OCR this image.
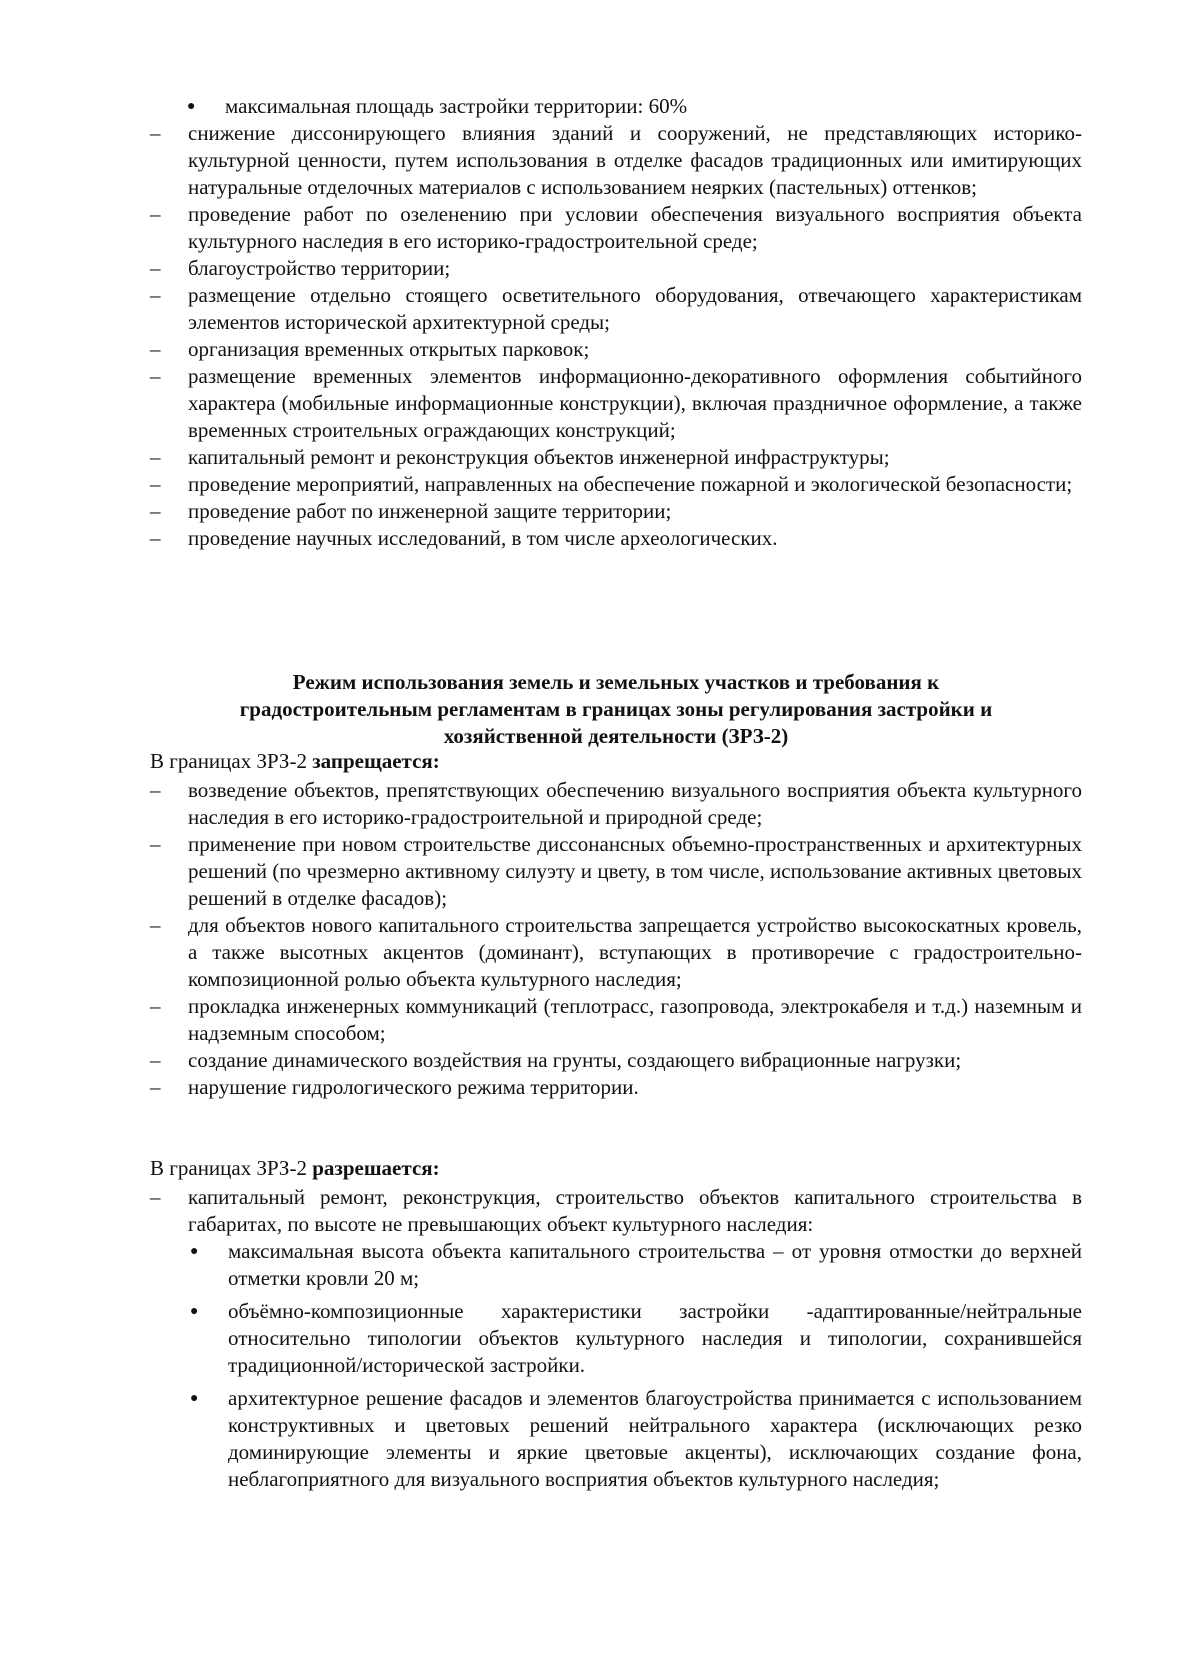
● максимальная площадь застройки территории: 60%
– снижение диссонирующего влияния зданий и сооружений, не представляющих историко-культурной ценности, путем использования в отделке фасадов традиционных или имитирующих натуральные отделочных материалов с использованием неярких (пастельных) оттенков;
– проведение работ по озеленению при условии обеспечения визуального восприятия объекта культурного наследия в его историко-градостроительной среде;
– благоустройство территории;
– размещение отдельно стоящего осветительного оборудования, отвечающего характеристикам элементов исторической архитектурной среды;
– организация временных открытых парковок;
– размещение временных элементов информационно-декоративного оформления событийного характера (мобильные информационные конструкции), включая праздничное оформление, а также временных строительных ограждающих конструкций;
– капитальный ремонт и реконструкция объектов инженерной инфраструктуры;
– проведение мероприятий, направленных на обеспечение пожарной и экологической безопасности;
– проведение работ по инженерной защите территории;
– проведение научных исследований, в том числе археологических.
Режим использования земель и земельных участков и требования к
градостроительным регламентам в границах зоны регулирования застройки и
хозяйственной деятельности (ЗРЗ-2)
В границах ЗРЗ-2 запрещается:
– возведение объектов, препятствующих обеспечению визуального восприятия объекта культурного наследия в его историко-градостроительной и природной среде;
– применение при новом строительстве диссонансных объемно-пространственных и архитектурных решений (по чрезмерно активному силуэту и цвету, в том числе, использование активных цветовых решений в отделке фасадов);
– для объектов нового капитального строительства запрещается устройство высокоскатных кровель, а также высотных акцентов (доминант), вступающих в противоречие с градостроительно-композиционной ролью объекта культурного наследия;
– прокладка инженерных коммуникаций (теплотрасс, газопровода, электрокабеля и т.д.) наземным и надземным способом;
– создание динамического воздействия на грунты, создающего вибрационные нагрузки;
– нарушение гидрологического режима территории.
В границах ЗРЗ-2 разрешается:
– капитальный ремонт, реконструкция, строительство объектов капитального строительства в габаритах, по высоте не превышающих объект культурного наследия:
● максимальная высота объекта капитального строительства – от уровня отмостки до верхней отметки кровли 20 м;
● объёмно-композиционные характеристики застройки -адаптированные/нейтральные относительно типологии объектов культурного наследия и типологии, сохранившейся традиционной/исторической застройки.
● архитектурное решение фасадов и элементов благоустройства принимается с использованием конструктивных и цветовых решений нейтрального характера (исключающих резко доминирующие элементы и яркие цветовые акценты), исключающих создание фона, неблагоприятного для визуального восприятия объектов культурного наследия;
